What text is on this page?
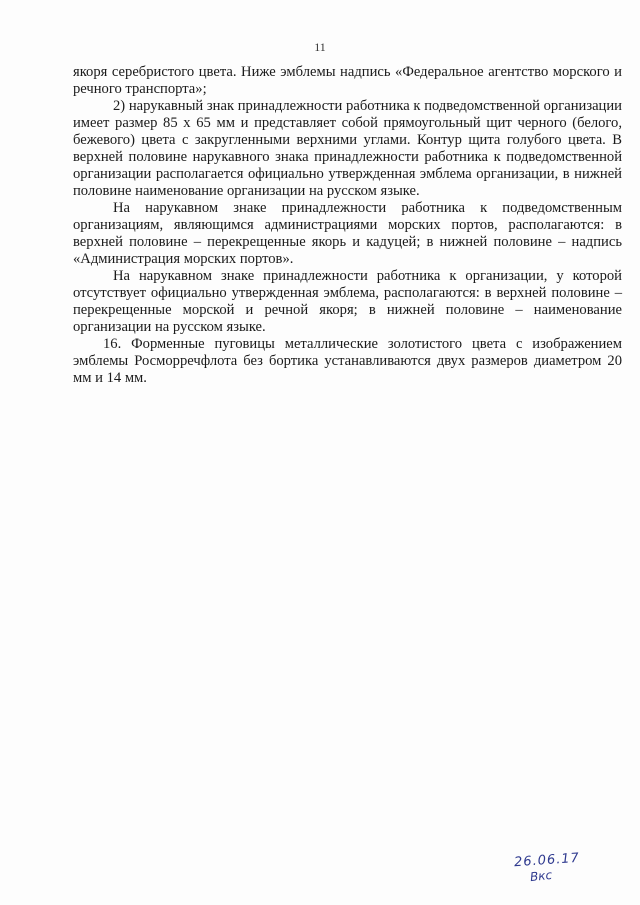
11

якоря серебристого цвета. Ниже эмблемы надпись «Федеральное агентство морского и речного транспорта»;

2) нарукавный знак принадлежности работника к подведомственной организации имеет размер 85 х 65 мм и представляет собой прямоугольный щит черного (белого, бежевого) цвета с закругленными верхними углами. Контур щита голубого цвета. В верхней половине нарукавного знака принадлежности работника к подведомственной организации располагается официально утвержденная эмблема организации, в нижней половине наименование организации на русском языке.

На нарукавном знаке принадлежности работника к подведомственным организациям, являющимся администрациями морских портов, располагаются: в верхней половине – перекрещенные якорь и кадуцей; в нижней половине – надпись «Администрация морских портов».

На нарукавном знаке принадлежности работника к организации, у которой отсутствует официально утвержденная эмблема, располагаются: в верхней половине – перекрещенные морской и речной якоря; в нижней половине – наименование организации на русском языке.

16. Форменные пуговицы металлические золотистого цвета с изображением эмблемы Росморречфлота без бортика устанавливаются двух размеров диаметром 20 мм и 14 мм.

26.06.17
Вкс
